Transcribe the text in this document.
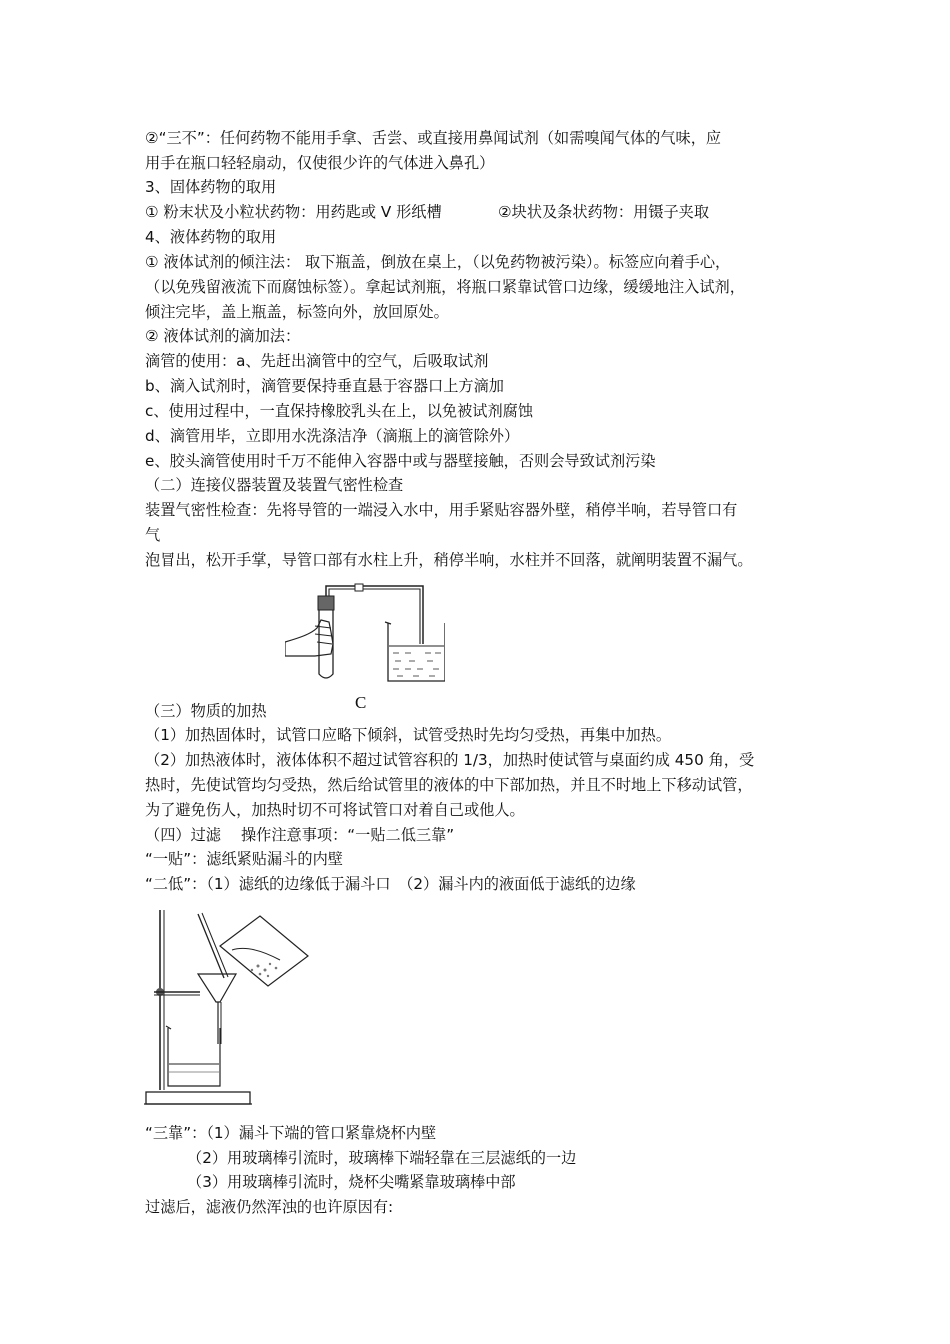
②“三不”：任何药物不能用手拿、舌尝、或直接用鼻闻试剂（如需嗅闻气体的气味，应
用手在瓶口轻轻扇动，仅使很少许的气体进入鼻孔）
3、固体药物的取用
① 粉末状及小粒状药物：用药匙或 V 形纸槽	②块状及条状药物：用镊子夹取
4、液体药物的取用
① 液体试剂的倾注法： 取下瓶盖，倒放在桌上，（以免药物被污染）。标签应向着手心，
（以免残留液流下而腐蚀标签）。拿起试剂瓶，将瓶口紧靠试管口边缘，缓缓地注入试剂，
倾注完毕，盖上瓶盖，标签向外，放回原处。
② 液体试剂的滴加法：
滴管的使用：a、先赶出滴管中的空气，后吸取试剂
b、滴入试剂时，滴管要保持垂直悬于容器口上方滴加
c、使用过程中，一直保持橡胶乳头在上，以免被试剂腐蚀
d、滴管用毕，立即用水洗涤洁净（滴瓶上的滴管除外）
e、胶头滴管使用时千万不能伸入容器中或与器壁接触，否则会导致试剂污染
（二）连接仪器装置及装置气密性检查
装置气密性检查：先将导管的一端浸入水中，用手紧贴容器外壁，稍停半响，若导管口有
气
泡冒出，松开手掌，导管口部有水柱上升，稍停半响，水柱并不回落，就阐明装置不漏气。
C
（三）物质的加热
（1）加热固体时，试管口应略下倾斜，试管受热时先均匀受热，再集中加热。
（2）加热液体时，液体体积不超过试管容积的 1/3，加热时使试管与桌面约成 450 角，受
热时，先使试管均匀受热，然后给试管里的液体的中下部加热，并且不时地上下移动试管，
为了避免伤人，加热时切不可将试管口对着自己或他人。
（四）过滤　 操作注意事项：“一贴二低三靠”
“一贴”：滤纸紧贴漏斗的内壁
“二低”：（1）滤纸的边缘低于漏斗口　（2）漏斗内的液面低于滤纸的边缘
“三靠”：（1）漏斗下端的管口紧靠烧杯内壁
（2）用玻璃棒引流时，玻璃棒下端轻靠在三层滤纸的一边
（3）用玻璃棒引流时，烧杯尖嘴紧靠玻璃棒中部
过滤后，滤液仍然浑浊的也许原因有:
